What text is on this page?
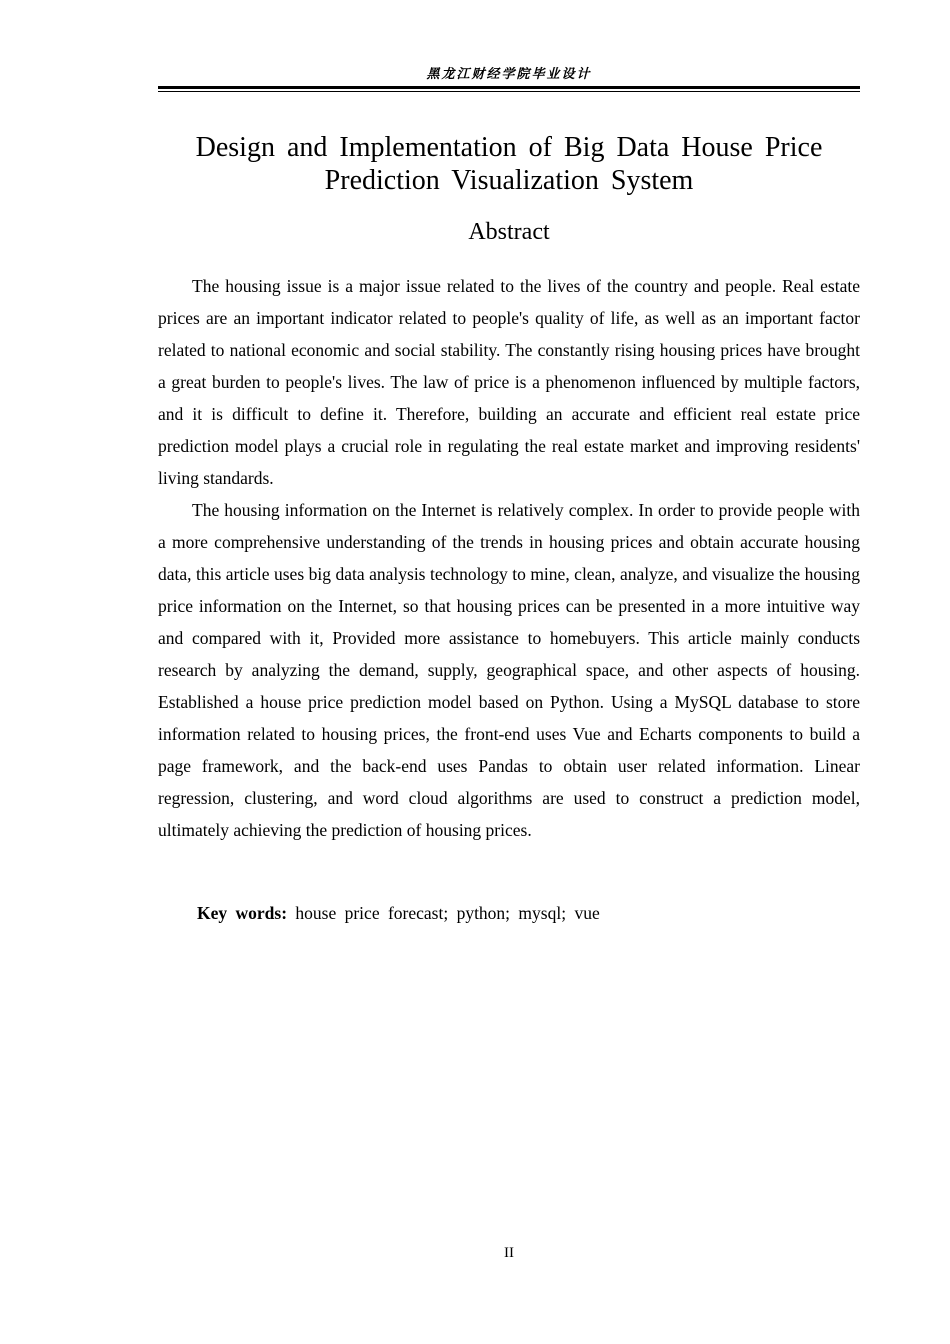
黑龙江财经学院毕业设计
Design and Implementation of Big Data House Price
Prediction Visualization System
Abstract

The housing issue is a major issue related to the lives of the country and people. Real estate prices are an important indicator related to people's quality of life, as well as an important factor related to national economic and social stability. The constantly rising housing prices have brought a great burden to people's lives. The law of price is a phenomenon influenced by multiple factors, and it is difficult to define it. Therefore, building an accurate and efficient real estate price prediction model plays a crucial role in regulating the real estate market and improving residents' living standards.

The housing information on the Internet is relatively complex. In order to provide people with a more comprehensive understanding of the trends in housing prices and obtain accurate housing data, this article uses big data analysis technology to mine, clean, analyze, and visualize the housing price information on the Internet, so that housing prices can be presented in a more intuitive way and compared with it, Provided more assistance to homebuyers. This article mainly conducts research by analyzing the demand, supply, geographical space, and other aspects of housing. Established a house price prediction model based on Python. Using a MySQL database to store information related to housing prices, the front-end uses Vue and Echarts components to build a page framework, and the back-end uses Pandas to obtain user related information. Linear regression, clustering, and word cloud algorithms are used to construct a prediction model, ultimately achieving the prediction of housing prices.

Key words: house price forecast; python; mysql; vue
II
